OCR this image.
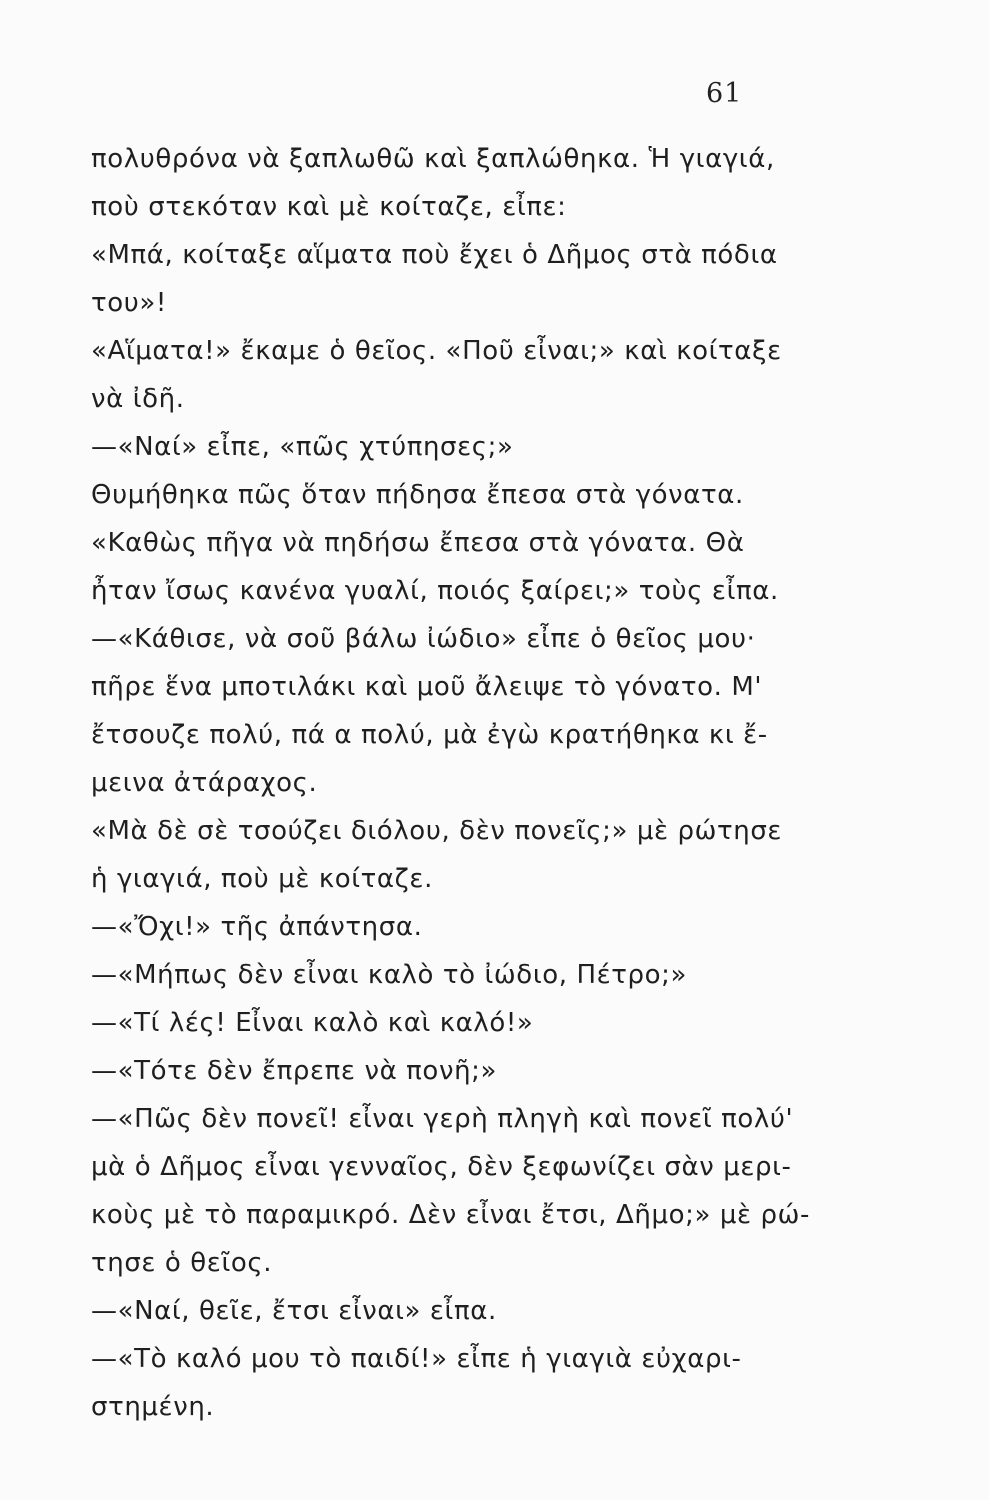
61
πολυθρόνα νὰ ξαπλωθῶ καὶ ξαπλώθηκα. Ἡ γιαγιά,
ποὺ στεκόταν καὶ μὲ κοίταζε, εἶπε:
«Μπά, κοίταξε αἵματα ποὺ ἔχει ὁ Δῆμος στὰ πόδια
του»!
«Αἵματα!» ἔκαμε ὁ θεῖος. «Ποῦ εἶναι;» καὶ κοίταξε
νὰ ἰδῆ.
—«Ναί» εἶπε, «πῶς χτύπησες;»
Θυμήθηκα πῶς ὅταν πήδησα ἔπεσα στὰ γόνατα.
«Καθὼς πῆγα νὰ πηδήσω ἔπεσα στὰ γόνατα. Θὰ
ἦταν ἴσως κανένα γυαλί, ποιός ξαίρει;» τοὺς εἶπα.
—«Κάθισε, νὰ σοῦ βάλω ἰώδιο» εἶπε ὁ θεῖος μου·
πῆρε ἕνα μποτιλάκι καὶ μοῦ ἄλειψε τὸ γόνατο. Μ'
ἔτσουζε πολύ, πά α πολύ, μὰ ἐγὼ κρατήθηκα κι ἔ-
μεινα ἀτάραχος.
«Μὰ δὲ σὲ τσούζει διόλου, δὲν πονεῖς;» μὲ ρώτησε
ἡ γιαγιά, ποὺ μὲ κοίταζε.
—«Ὄχι!» τῆς ἀπάντησα.
—«Μήπως δὲν εἶναι καλὸ τὸ ἰώδιο, Πέτρο;»
—«Τί λές! Εἶναι καλὸ καὶ καλό!»
—«Τότε δὲν ἔπρεπε νὰ πονῆ;»
—«Πῶς δὲν πονεῖ! εἶναι γερὴ πληγὴ καὶ πονεῖ πολύ'
μὰ ὁ Δῆμος εἶναι γενναῖος, δὲν ξεφωνίζει σὰν μερι-
κοὺς μὲ τὸ παραμικρό. Δὲν εἶναι ἔτσι, Δῆμο;» μὲ ρώ-
τησε ὁ θεῖος.
—«Ναί, θεῖε, ἔτσι εἶναι» εἶπα.
—«Τὸ καλό μου τὸ παιδί!» εἶπε ἡ γιαγιὰ εὐχαρι-
στημένη.
